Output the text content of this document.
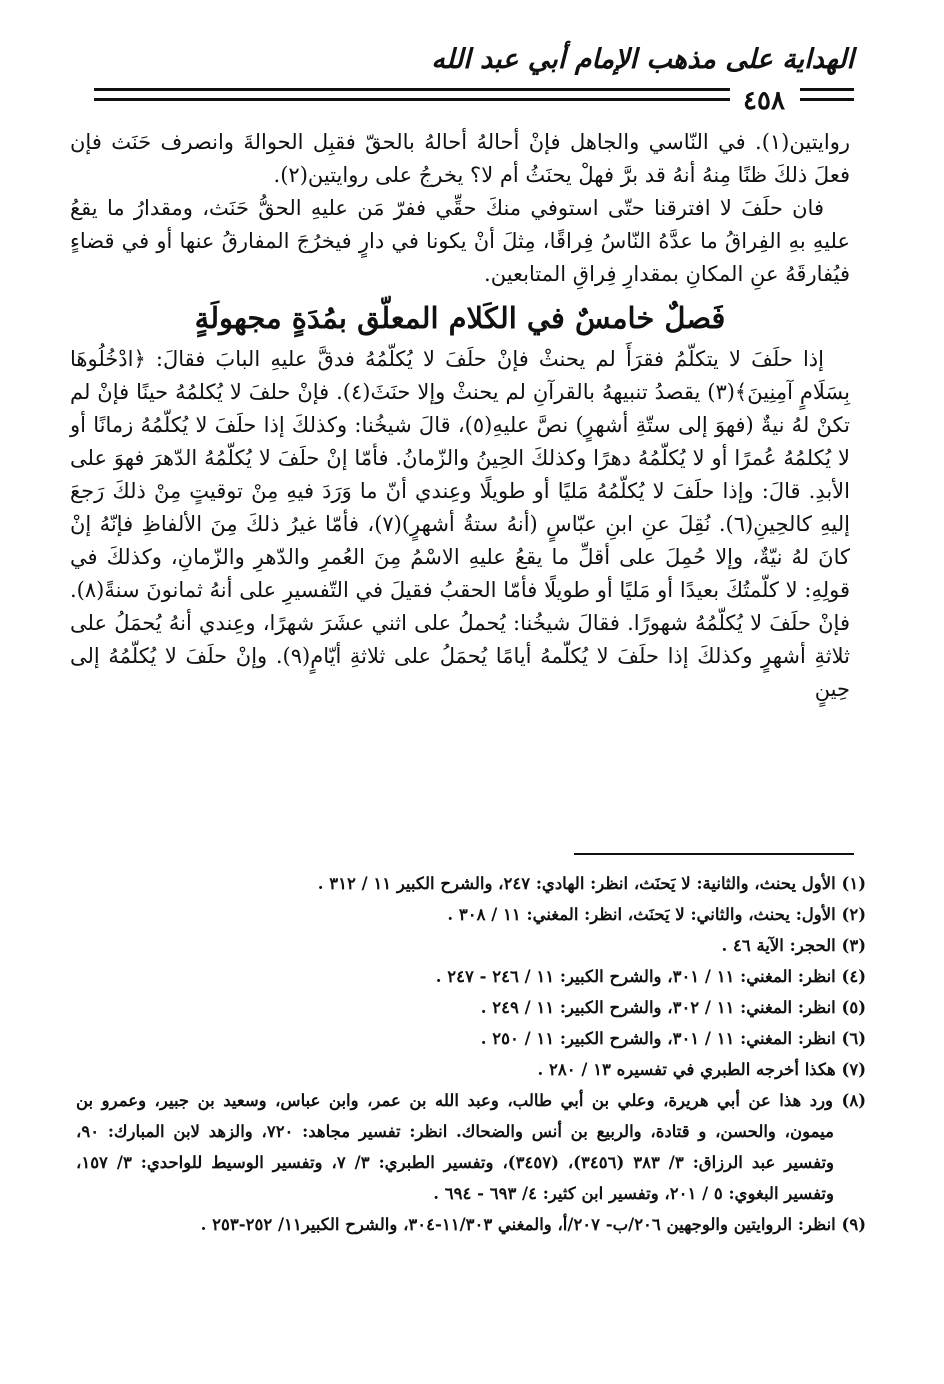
الهداية على مذهب الإمام أبي عبد الله
٤٥٨

روايتين(١). في النّاسي والجاهل فإنْ أحالهُ أحالهُ بالحقّ فقبِل الحوالةَ وانصرف حَنَث فإن فعلَ ذلكَ ظنًا مِنهُ أنهُ قد برَّ فهلْ يحنَثُ أم لا؟ يخرجُ على روايتين(٢).

فان حلَفَ لا افترقنا حتّى استوفي منكَ حقِّي ففرّ مَن عليهِ الحقُّ حَنَث، ومقدارُ ما يقعُ عليهِ بهِ الفِراقُ ما عدَّهُ النّاسُ فِراقًا، مِثلَ أنْ يكونا في دارٍ فيخرُجَ المفارقُ عنها أو في قضاءٍ فيُفارقَهُ عنِ المكانِ بمقدارِ فِراقِ المتابعين.

فَصلٌ خامسٌ في الكَلام المعلّق بمُدَةٍ مجهولَةٍ

إذا حلَفَ لا يتكلّمُ فقرَأَ لم يحنثْ فإنْ حلَفَ لا يُكلّمُهُ فدقَّ عليهِ البابَ فقالَ: ﴿ادْخُلُوهَا بِسَلَامٍ آمِنِينَ﴾(٣) يقصدُ تنبيههُ بالقرآنِ لم يحنثْ وإلا حنَثَ(٤). فإنْ حلفَ لا يُكلمُهُ حينًا فإنْ لم تكنْ لهُ نيةٌ (فهوَ إلى ستّةِ أشهرٍ) نصَّ عليهِ(٥)، قالَ شيخُنا: وكذلكَ إذا حلَفَ لا يُكلّمُهُ زمانًا أو لا يُكلمُهُ عُمرًا أو لا يُكلّمُهُ دهرًا وكذلكَ الحِينُ والزّمانُ. فأمّا إنْ حلَفَ لا يُكلّمُهُ الدّهرَ فهوَ على الأبدِ. قالَ: وإذا حلَفَ لا يُكلّمُهُ مَليًا أو طويلًا وعِندي أنّ ما وَرَدَ فيهِ مِنْ توقيتٍ مِنْ ذلكَ رَجعَ إليهِ كالحِينِ(٦). نُقِلَ عنِ ابنِ عبّاسٍ (أنهُ ستةُ أشهرٍ)(٧)، فأمّا غيرُ ذلكَ مِنَ الألفاظِ فإنّهُ إنْ كانَ لهُ نيّةٌ، وإلا حُمِلَ على أقلِّ ما يقعُ عليهِ الاسْمُ مِنَ العُمرِ والدّهرِ والزّمانِ، وكذلكَ في قولِهِ: لا كلّمتُكَ بعيدًا أو مَليًا أو طويلًا فأمّا الحقبُ فقيلَ في التّفسيرِ على أنهُ ثمانونَ سنةً(٨). فإنْ حلَفَ لا يُكلّمُهُ شهورًا. فقالَ شيخُنا: يُحملُ على اثني عشَرَ شهرًا، وعِندي أنهُ يُحمَلُ على ثلاثةِ أشهرٍ وكذلكَ إذا حلَفَ لا يُكلّمهُ أيامًا يُحمَلُ على ثلاثةِ أيّامٍ(٩). وإنْ حلَفَ لا يُكلّمُهُ إلى حِينٍ

(١) الأول يحنث، والثانية: لا يَحنَث، انظر: الهادي: ٢٤٧، والشرح الكبير ١١ / ٣١٢ .

(٢) الأول: يحنث، والثاني: لا يَحنَث، انظر: المغني: ١١ / ٣٠٨ .

(٣) الحجر: الآية ٤٦ .

(٤) انظر: المغني: ١١ / ٣٠١، والشرح الكبير: ١١ / ٢٤٦ - ٢٤٧ .

(٥) انظر: المغني: ١١ / ٣٠٢، والشرح الكبير: ١١ / ٢٤٩ .

(٦) انظر: المغني: ١١ / ٣٠١، والشرح الكبير: ١١ / ٢٥٠ .

(٧) هكذا أخرجه الطبري في تفسيره ١٣ / ٢٨٠ .

(٨) ورد هذا عن أبي هريرة، وعلي بن أبي طالب، وعبد الله بن عمر، وابن عباس، وسعيد بن جبير، وعمرو بن ميمون، والحسن، و قتادة، والربيع بن أنس والضحاك. انظر: تفسير مجاهد: ٧٢٠، والزهد لابن المبارك: ٩٠، وتفسير عبد الرزاق: ٣/ ٣٨٣ (٣٤٥٦)، (٣٤٥٧)، وتفسير الطبري: ٣/ ٧، وتفسير الوسيط للواحدي: ٣/ ١٥٧، وتفسير البغوي: ٥ / ٢٠١، وتفسير ابن كثير: ٤/ ٦٩٣ - ٦٩٤ .

(٩) انظر: الروايتين والوجهين ٢٠٦/ب- ٢٠٧/أ، والمغني ١١/٣٠٣-٣٠٤، والشرح الكبير١١/ ٢٥٢-٢٥٣ .
